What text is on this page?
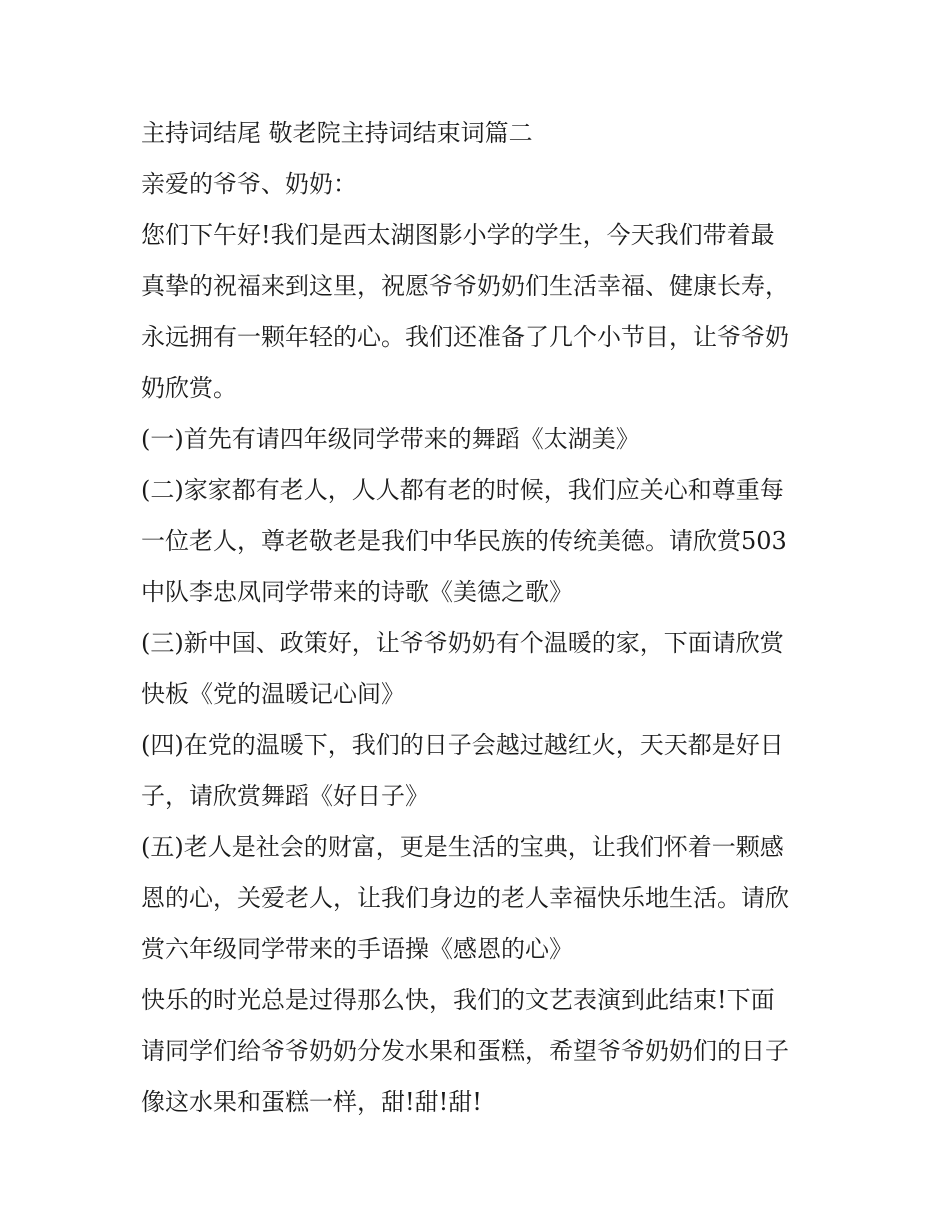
主持词结尾 敬老院主持词结束词篇二
亲爱的爷爷、奶奶：
您们下午好!我们是西太湖图影小学的学生，今天我们带着最
真挚的祝福来到这里，祝愿爷爷奶奶们生活幸福、健康长寿，
永远拥有一颗年轻的心。我们还准备了几个小节目，让爷爷奶
奶欣赏。
(一)首先有请四年级同学带来的舞蹈《太湖美》
(二)家家都有老人，人人都有老的时候，我们应关心和尊重每
一位老人，尊老敬老是我们中华民族的传统美德。请欣赏503
中队李忠凤同学带来的诗歌《美德之歌》
(三)新中国、政策好，让爷爷奶奶有个温暖的家，下面请欣赏
快板《党的温暖记心间》
(四)在党的温暖下，我们的日子会越过越红火，天天都是好日
子，请欣赏舞蹈《好日子》
(五)老人是社会的财富，更是生活的宝典，让我们怀着一颗感
恩的心，关爱老人，让我们身边的老人幸福快乐地生活。请欣
赏六年级同学带来的手语操《感恩的心》
快乐的时光总是过得那么快，我们的文艺表演到此结束!下面
请同学们给爷爷奶奶分发水果和蛋糕，希望爷爷奶奶们的日子
像这水果和蛋糕一样，甜!甜!甜!
